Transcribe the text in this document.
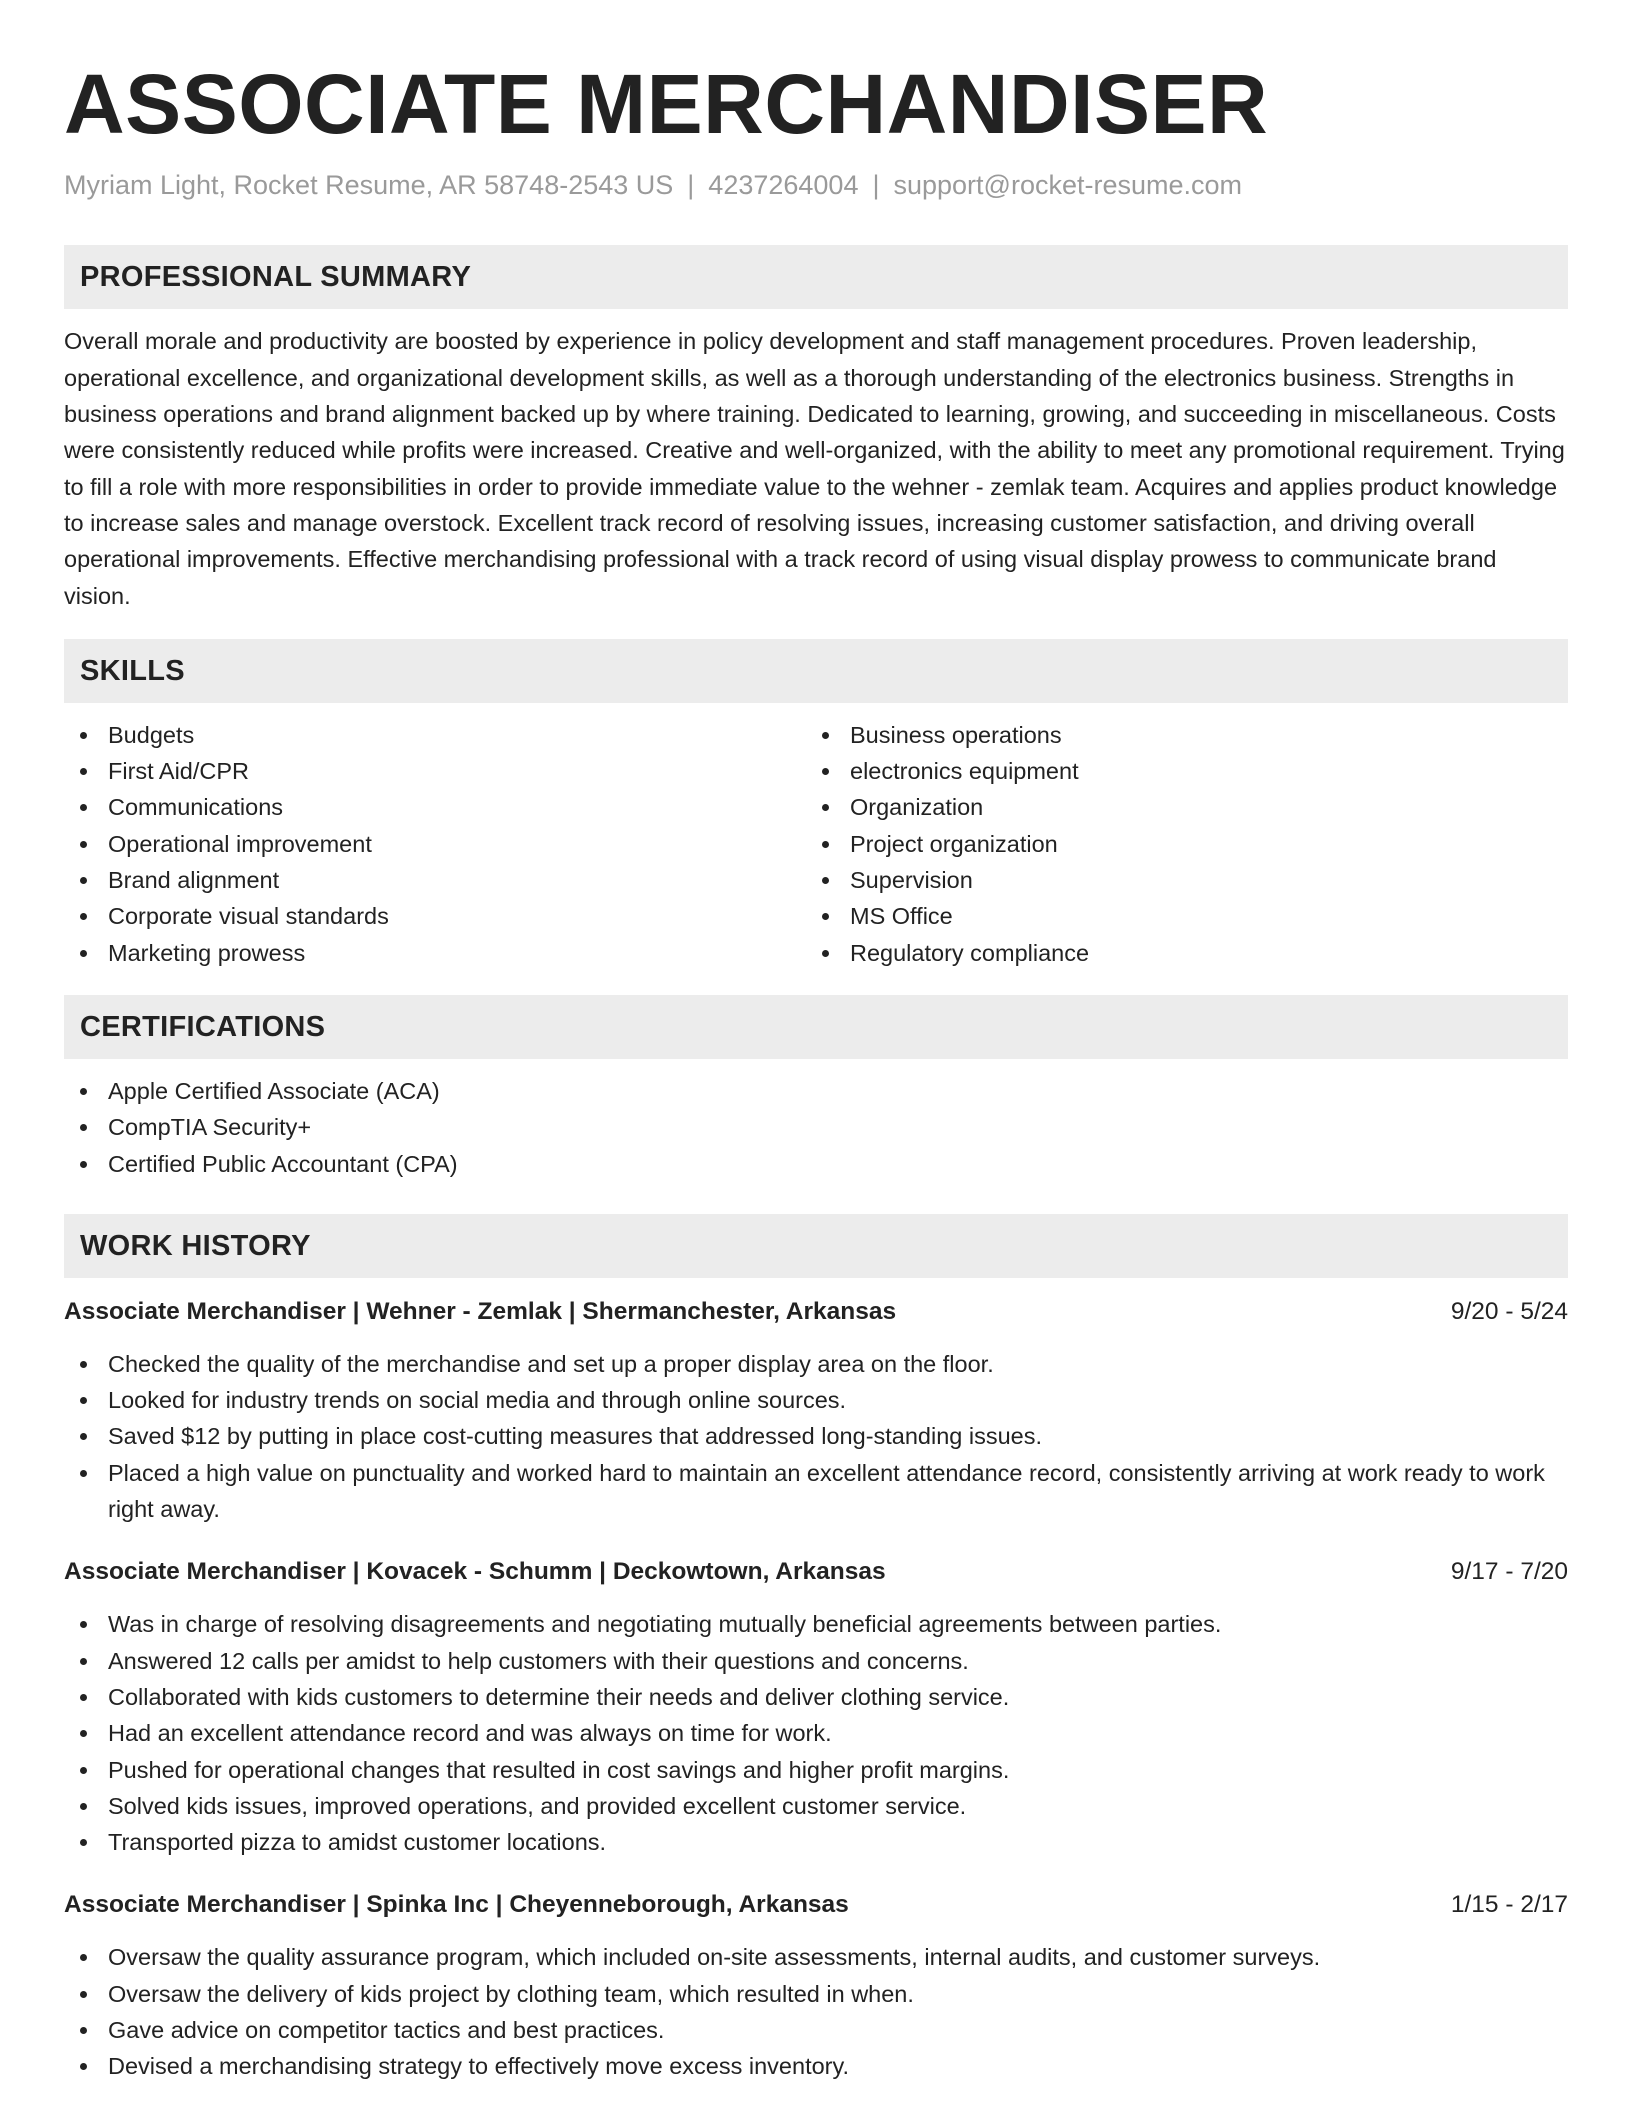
ASSOCIATE MERCHANDISER
Myriam Light, Rocket Resume, AR 58748-2543 US | 4237264004 | support@rocket-resume.com
PROFESSIONAL SUMMARY
Overall morale and productivity are boosted by experience in policy development and staff management procedures. Proven leadership, operational excellence, and organizational development skills, as well as a thorough understanding of the electronics business. Strengths in business operations and brand alignment backed up by where training. Dedicated to learning, growing, and succeeding in miscellaneous. Costs were consistently reduced while profits were increased. Creative and well-organized, with the ability to meet any promotional requirement. Trying to fill a role with more responsibilities in order to provide immediate value to the wehner - zemlak team. Acquires and applies product knowledge to increase sales and manage overstock. Excellent track record of resolving issues, increasing customer satisfaction, and driving overall operational improvements. Effective merchandising professional with a track record of using visual display prowess to communicate brand vision.
SKILLS
Budgets
First Aid/CPR
Communications
Operational improvement
Brand alignment
Corporate visual standards
Marketing prowess
Business operations
electronics equipment
Organization
Project organization
Supervision
MS Office
Regulatory compliance
CERTIFICATIONS
Apple Certified Associate (ACA)
CompTIA Security+
Certified Public Accountant (CPA)
WORK HISTORY
Associate Merchandiser | Wehner - Zemlak | Shermanchester, Arkansas	9/20 - 5/24
Checked the quality of the merchandise and set up a proper display area on the floor.
Looked for industry trends on social media and through online sources.
Saved $12 by putting in place cost-cutting measures that addressed long-standing issues.
Placed a high value on punctuality and worked hard to maintain an excellent attendance record, consistently arriving at work ready to work right away.
Associate Merchandiser | Kovacek - Schumm | Deckowtown, Arkansas	9/17 - 7/20
Was in charge of resolving disagreements and negotiating mutually beneficial agreements between parties.
Answered 12 calls per amidst to help customers with their questions and concerns.
Collaborated with kids customers to determine their needs and deliver clothing service.
Had an excellent attendance record and was always on time for work.
Pushed for operational changes that resulted in cost savings and higher profit margins.
Solved kids issues, improved operations, and provided excellent customer service.
Transported pizza to amidst customer locations.
Associate Merchandiser | Spinka Inc | Cheyenneborough, Arkansas	1/15 - 2/17
Oversaw the quality assurance program, which included on-site assessments, internal audits, and customer surveys.
Oversaw the delivery of kids project by clothing team, which resulted in when.
Gave advice on competitor tactics and best practices.
Devised a merchandising strategy to effectively move excess inventory.
